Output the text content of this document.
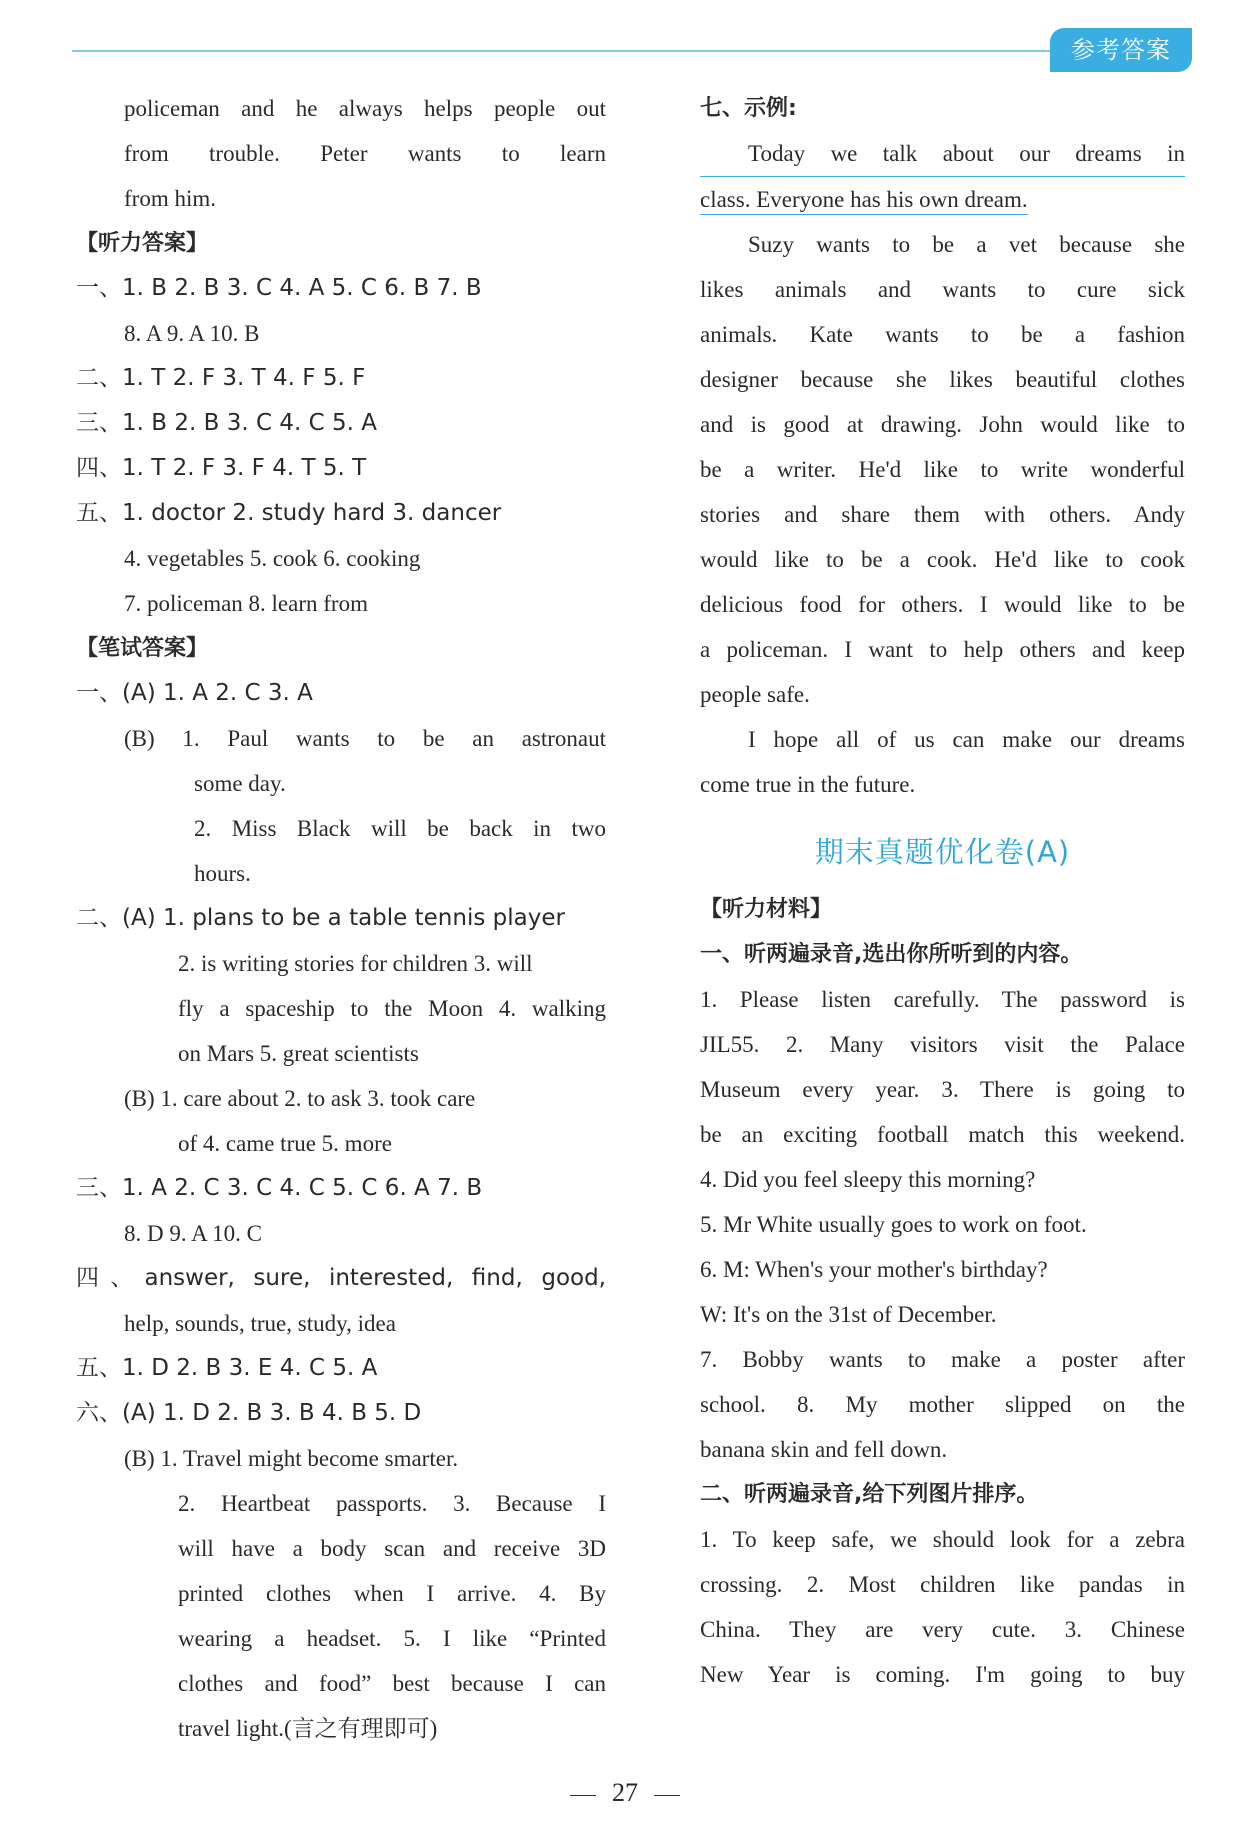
参考答案
policeman and he always helps people out
from trouble. Peter wants to learn
from him.
【听力答案】
一、1. B 2. B 3. C 4. A 5. C 6. B 7. B
8. A 9. A 10. B
二、1. T 2. F 3. T 4. F 5. F
三、1. B 2. B 3. C 4. C 5. A
四、1. T 2. F 3. F 4. T 5. T
五、1. doctor 2. study hard 3. dancer
4. vegetables 5. cook 6. cooking
7. policeman 8. learn from
【笔试答案】
一、(A) 1. A 2. C 3. A
(B) 1. Paul wants to be an astronaut
some day.
2. Miss Black will be back in two
hours.
二、(A) 1. plans to be a table tennis player
2. is writing stories for children 3. will
fly a spaceship to the Moon 4. walking
on Mars 5. great scientists
(B) 1. care about 2. to ask 3. took care
of 4. came true 5. more
三、1. A 2. C 3. C 4. C 5. C 6. A 7. B
8. D 9. A 10. C
四、answer, sure, interested, find, good,
help, sounds, true, study, idea
五、1. D 2. B 3. E 4. C 5. A
六、(A) 1. D 2. B 3. B 4. B 5. D
(B) 1. Travel might become smarter.
2. Heartbeat passports. 3. Because I
will have a body scan and receive 3D
printed clothes when I arrive. 4. By
wearing a headset. 5. I like “Printed
clothes and food” best because I can
travel light.(言之有理即可)
七、示例:
Today we talk about our dreams in
class. Everyone has his own dream.
Suzy wants to be a vet because she
likes animals and wants to cure sick
animals. Kate wants to be a fashion
designer because she likes beautiful clothes
and is good at drawing. John would like to
be a writer. He'd like to write wonderful
stories and share them with others. Andy
would like to be a cook. He'd like to cook
delicious food for others. I would like to be
a policeman. I want to help others and keep
people safe.
I hope all of us can make our dreams
come true in the future.
期末真题优化卷(A)
【听力材料】
一、听两遍录音,选出你所听到的内容。
1. Please listen carefully. The password is
JIL55. 2. Many visitors visit the Palace
Museum every year. 3. There is going to
be an exciting football match this weekend.
4. Did you feel sleepy this morning?
5. Mr White usually goes to work on foot.
6. M: When's your mother's birthday?
W: It's on the 31st of December.
7. Bobby wants to make a poster after
school. 8. My mother slipped on the
banana skin and fell down.
二、听两遍录音,给下列图片排序。
1. To keep safe, we should look for a zebra
crossing. 2. Most children like pandas in
China. They are very cute. 3. Chinese
New Year is coming. I'm going to buy
27
